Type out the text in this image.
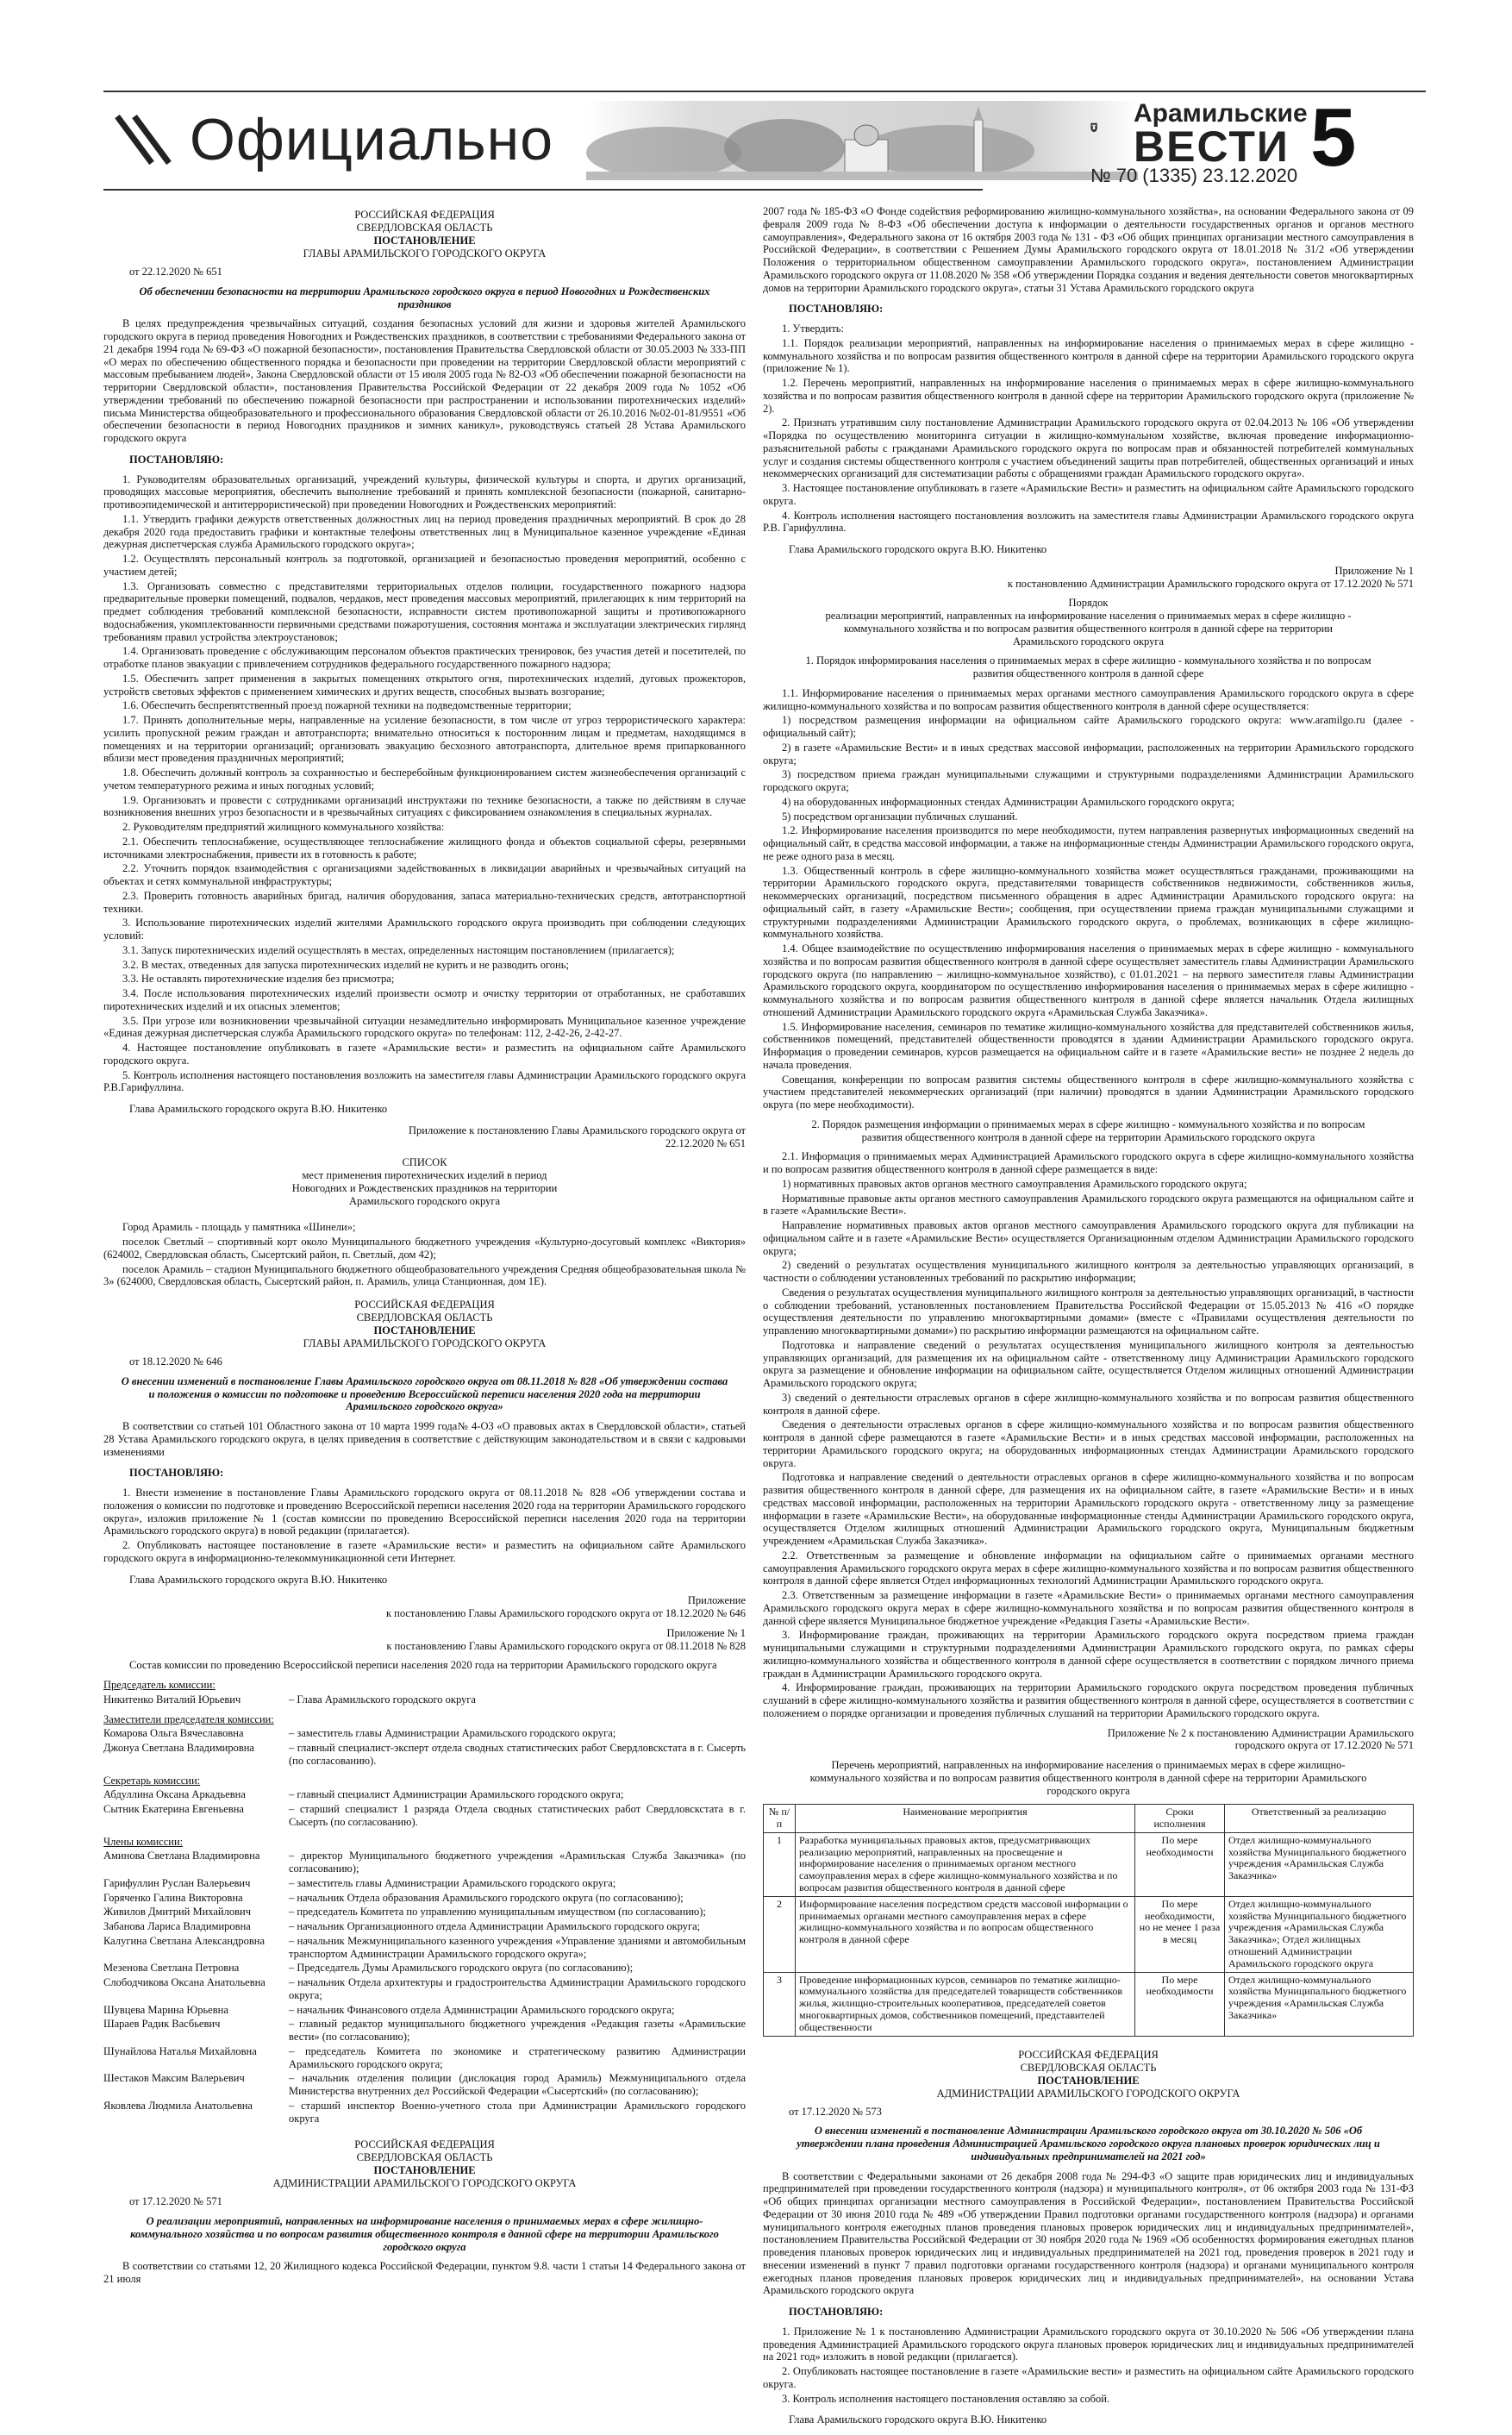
Официально	Арамильские
ВЕСТИ
№ 70 (1335) 23.12.2020 5
РОССИЙСКАЯ ФЕДЕРАЦИЯ
СВЕРДЛОВСКАЯ ОБЛАСТЬ
ПОСТАНОВЛЕНИЕ
ГЛАВЫ АРАМИЛЬСКОГО ГОРОДСКОГО ОКРУГА
от 22.12.2020 № 651
Об обеспечении безопасности на территории Арамильского городского округа в период Новогодних и Рождественских праздников

В целях предупреждения чрезвычайных ситуаций, создания безопасных условий для жизни и здоровья жителей Арамильского городского округа в период проведения Новогодних и Рождественских праздников, в соответствии с требованиями Федерального закона от 21 декабря 1994 года № 69-ФЗ «О пожарной безопасности», постановления Правительства Свердловской области от 30.05.2003 № 333-ПП «О мерах по обеспечению общественного порядка и безопасности при проведении на территории Свердловской области мероприятий с массовым пребыванием людей», Закона Свердловской области от 15 июля 2005 года № 82-ОЗ «Об обеспечении пожарной безопасности на территории Свердловской области», постановления Правительства Российской Федерации от 22 декабря 2009 года № 1052 «Об утверждении требований по обеспечению пожарной безопасности при распространении и использовании пиротехнических изделий» письма Министерства общеобразовательного и профессионального образования Свердловской области от 26.10.2016 №02-01-81/9551 «Об обеспечении безопасности в период Новогодних праздников и зимних каникул», руководствуясь статьей 28 Устава Арамильского городского округа

ПОСТАНОВЛЯЮ:

1. Руководителям образовательных организаций, учреждений культуры, физической культуры и спорта, и других организаций, проводящих массовые мероприятия, обеспечить выполнение требований и принять комплексной безопасности (пожарной, санитарно-противоэпидемической и антитеррористической) при проведении Новогодних и Рождественских мероприятий:

1.1. Утвердить графики дежурств ответственных должностных лиц на период проведения праздничных мероприятий. В срок до 28 декабря 2020 года предоставить графики и контактные телефоны ответственных лиц в Муниципальное казенное учреждение «Единая дежурная диспетчерская служба Арамильского городского округа»;

1.2. Осуществлять персональный контроль за подготовкой, организацией и безопасностью проведения мероприятий, особенно с участием детей;

1.3. Организовать совместно с представителями территориальных отделов полиции, государственного пожарного надзора предварительные проверки помещений, подвалов, чердаков, мест проведения массовых мероприятий, прилегающих к ним территорий на предмет соблюдения требований комплексной безопасности, исправности систем противопожарной защиты и противопожарного водоснабжения, укомплектованности первичными средствами пожаротушения, состояния монтажа и эксплуатации электрических гирлянд требованиям правил устройства электроустановок;

1.4. Организовать проведение с обслуживающим персоналом объектов практических тренировок, без участия детей и посетителей, по отработке планов эвакуации с привлечением сотрудников федерального государственного пожарного надзора;

1.5. Обеспечить запрет применения в закрытых помещениях открытого огня, пиротехнических изделий, дуговых прожекторов, устройств световых эффектов с применением химических и других веществ, способных вызвать возгорание;

1.6. Обеспечить беспрепятственный проезд пожарной техники на подведомственные территории;

1.7. Принять дополнительные меры, направленные на усиление безопасности, в том числе от угроз террористического характера: усилить пропускной режим граждан и автотранспорта; внимательно относиться к посторонним лицам и предметам, находящимся в помещениях и на территории организаций; организовать эвакуацию бесхозного автотранспорта, длительное время припаркованного вблизи мест проведения праздничных мероприятий;

1.8. Обеспечить должный контроль за сохранностью и бесперебойным функционированием систем жизнеобеспечения организаций с учетом температурного режима и иных погодных условий;

1.9. Организовать и провести с сотрудниками организаций инструктажи по технике безопасности, а также по действиям в случае возникновения внешних угроз безопасности и в чрезвычайных ситуациях с фиксированием ознакомления в специальных журналах.

2. Руководителям предприятий жилищного коммунального хозяйства:

2.1. Обеспечить теплоснабжение, осуществляющее теплоснабжение жилищного фонда и объектов социальной сферы, резервными источниками электроснабжения, привести их в готовность к работе;

2.2. Уточнить порядок взаимодействия с организациями задействованных в ликвидации аварийных и чрезвычайных ситуаций на объектах и сетях коммунальной инфраструктуры;

2.3. Проверить готовность аварийных бригад, наличия оборудования, запаса материально-технических средств, автотранспортной техники.

3. Использование пиротехнических изделий жителями Арамильского городского округа производить при соблюдении следующих условий:

3.1. Запуск пиротехнических изделий осуществлять в местах, определенных настоящим постановлением (прилагается);

3.2. В местах, отведенных для запуска пиротехнических изделий не курить и не разводить огонь;

3.3. Не оставлять пиротехнические изделия без присмотра;

3.4. После использования пиротехнических изделий произвести осмотр и очистку территории от отработанных, не сработавших пиротехнических изделий и их опасных элементов;

3.5. При угрозе или возникновении чрезвычайной ситуации незамедлительно информировать Муниципальное казенное учреждение «Единая дежурная диспетчерская служба Арамильского городского округа» по телефонам: 112, 2-42-26, 2-42-27.

4. Настоящее постановление опубликовать в газете «Арамильские вести» и разместить на официальном сайте Арамильского городского округа.

5. Контроль исполнения настоящего постановления возложить на заместителя главы Администрации Арамильского городского округа Р.В.Гарифуллина.

Глава Арамильского городского округа В.Ю. Никитенко
Приложение к постановлению Главы Арамильского городского округа от 22.12.2020 № 651
СПИСОК
мест применения пиротехнических изделий в период
Новогодних и Рождественских праздников на территории
Арамильского городского округа

Город Арамиль - площадь у памятника «Шинели»;

поселок Светлый – спортивный корт около Муниципального бюджетного учреждения «Культурно-досуговый комплекс «Виктория» (624002, Свердловская область, Сысертский район, п. Светлый, дом 42);

поселок Арамиль – стадион Муниципального бюджетного общеобразовательного учреждения Средняя общеобразовательная школа № 3» (624000, Свердловская область, Сысертский район, п. Арамиль, улица Станционная, дом 1Е).

РОССИЙСКАЯ ФЕДЕРАЦИЯ
СВЕРДЛОВСКАЯ ОБЛАСТЬ
ПОСТАНОВЛЕНИЕ
ГЛАВЫ АРАМИЛЬСКОГО ГОРОДСКОГО ОКРУГА
от 18.12.2020 № 646
О внесении изменений в постановление Главы Арамильского городского округа от 08.11.2018 № 828 «Об утверждении состава и положения о комиссии по подготовке и проведению Всероссийской переписи населения 2020 года на территории Арамильского городского округа»

В соответствии со статьей 101 Областного закона от 10 марта 1999 года№ 4-ОЗ «О правовых актах в Свердловской области», статьей 28 Устава Арамильского городского округа, в целях приведения в соответствие с действующим законодательством и в связи с кадровыми изменениями

ПОСТАНОВЛЯЮ:

1. Внести изменение в постановление Главы Арамильского городского округа от 08.11.2018 № 828 «Об утверждении состава и положения о комиссии по подготовке и проведению Всероссийской переписи населения 2020 года на территории Арамильского городского округа», изложив приложение № 1 (состав комиссии по проведению Всероссийской переписи населения 2020 года на территории Арамильского городского округа) в новой редакции (прилагается).

2. Опубликовать настоящее постановление в газете «Арамильские вести» и разместить на официальном сайте Арамильского городского округа в информационно-телекоммуникационной сети Интернет.

Глава Арамильского городского округа В.Ю. Никитенко
Приложение
к постановлению Главы Арамильского городского округа от 18.12.2020 № 646
Приложение № 1
к постановлению Главы Арамильского городского округа от 08.11.2018 № 828

Состав комиссии по проведению Всероссийской переписи населения 2020 года на территории Арамильского городского округа

Председатель комиссии:
Никитенко Виталий Юрьевич	– Глава Арамильского городского округа
Заместители председателя комиссии:
Комарова Ольга Вячеславовна	– заместитель главы Администрации Арамильского городского округа;
Джонуа Светлана Владимировна	– главный специалист-эксперт отдела сводных статистических работ Свердловскстата в г. Сысерть (по согласованию).
Секретарь комиссии:
Абдуллина Оксана Аркадьевна	– главный специалист Администрации Арамильского городского округа;
Сытник Екатерина Евгеньевна	– старший специалист 1 разряда Отдела сводных статистических работ Свердловскстата в г. Сысерть (по согласованию).
Члены комиссии:
Аминова Светлана Владимировна	– директор Муниципального бюджетного учреждения «Арамильская Служба Заказчика» (по согласованию);
Гарифуллин Руслан Валерьевич	– заместитель главы Администрации Арамильского городского округа;
Горяченко Галина Викторовна	– начальник Отдела образования Арамильского городского округа (по согласованию);
Живилов Дмитрий Михайлович	– председатель Комитета по управлению муниципальным имуществом (по согласованию);
Забанова Лариса Владимировна	– начальник Организационного отдела Администрации Арамильского городского округа;
Калугина Светлана Александровна	– начальник Межмуниципального казенного учреждения «Управление зданиями и автомобильным транспортом Администрации Арамильского городского округа»;
Мезенова Светлана Петровна	– Председатель Думы Арамильского городского округа (по согласованию);
Слободчикова Оксана Анатольевна	– начальник Отдела архитектуры и градостроительства Администрации Арамильского городского округа;
Шувцева Марина Юрьевна	– начальник Финансового отдела Администрации Арамильского городского округа;
Шараев Радик Васбьевич	– главный редактор муниципального бюджетного учреждения «Редакция газеты «Арамильские вести» (по согласованию);
Шунайлова Наталья Михайловна	– председатель Комитета по экономике и стратегическому развитию Администрации Арамильского городского округа;
Шестаков Максим Валерьевич	– начальник отделения полиции (дислокация город Арамиль) Межмуниципального отдела Министерства внутренних дел Российской Федерации «Сысертский» (по согласованию);
Яковлева Людмила Анатольевна	– старший инспектор Военно-учетного стола при Администрации Арамильского городского округа
РОССИЙСКАЯ ФЕДЕРАЦИЯ
СВЕРДЛОВСКАЯ ОБЛАСТЬ
ПОСТАНОВЛЕНИЕ
АДМИНИСТРАЦИИ АРАМИЛЬСКОГО ГОРОДСКОГО ОКРУГА
от 17.12.2020 № 571
О реализации мероприятий, направленных на информирование населения о принимаемых мерах в сфере жилищно-коммунального хозяйства и по вопросам развития общественного контроля в данной сфере на территории Арамильского городского округа

В соответствии со статьями 12, 20 Жилищного кодекса Российской Федерации, пунктом 9.8. части 1 статьи 14 Федерального закона от 21 июля

2007 года № 185-ФЗ «О Фонде содействия реформированию жилищно-коммунального хозяйства», на основании Федерального закона от 09 февраля 2009 года № 8-ФЗ «Об обеспечении доступа к информации о деятельности государственных органов и органов местного самоуправления», Федерального закона от 16 октября 2003 года № 131 - ФЗ «Об общих принципах организации местного самоуправления в Российской Федерации», в соответствии с Решением Думы Арамильского городского округа от 18.01.2018 № 31/2 «Об утверждении Положения о территориальном общественном самоуправлении Арамильского городского округа», постановлением Администрации Арамильского городского округа от 11.08.2020 № 358 «Об утверждении Порядка создания и ведения деятельности советов многоквартирных домов на территории Арамильского городского округа», статьи 31 Устава Арамильского городского округа

ПОСТАНОВЛЯЮ:

1. Утвердить:

1.1. Порядок реализации мероприятий, направленных на информирование населения о принимаемых мерах в сфере жилищно - коммунального хозяйства и по вопросам развития общественного контроля в данной сфере на территории Арамильского городского округа (приложение № 1).

1.2. Перечень мероприятий, направленных на информирование населения о принимаемых мерах в сфере жилищно-коммунального хозяйства и по вопросам развития общественного контроля в данной сфере на территории Арамильского городского округа (приложение № 2).

2. Признать утратившим силу постановление Администрации Арамильского городского округа от 02.04.2013 № 106 «Об утверждении «Порядка по осуществлению мониторинга ситуации в жилищно-коммунальном хозяйстве, включая проведение информационно-разъяснительной работы с гражданами Арамильского городского округа по вопросам прав и обязанностей потребителей коммунальных услуг и создания системы общественного контроля с участием объединений защиты прав потребителей, общественных организаций и иных некоммерческих организаций для систематизации работы с обращениями граждан Арамильского городского округа».

3. Настоящее постановление опубликовать в газете «Арамильские Вести» и разместить на официальном сайте Арамильского городского округа.

4. Контроль исполнения настоящего постановления возложить на заместителя главы Администрации Арамильского городского округа Р.В. Гарифуллина.

Глава Арамильского городского округа В.Ю. Никитенко
Приложение № 1
к постановлению Администрации Арамильского городского округа от 17.12.2020 № 571
Порядок
реализации мероприятий, направленных на информирование населения о принимаемых мерах в сфере жилищно - коммунального хозяйства и по вопросам развития общественного контроля в данной сфере на территории Арамильского городского округа
1. Порядок информирования населения о принимаемых мерах в сфере жилищно - коммунального хозяйства и по вопросам развития общественного контроля в данной сфере

1.1. Информирование населения о принимаемых мерах органами местного самоуправления Арамильского городского округа в сфере жилищно-коммунального хозяйства и по вопросам развития общественного контроля в данной сфере осуществляется:

1) посредством размещения информации на официальном сайте Арамильского городского округа: www.aramilgo.ru (далее - официальный сайт);

2) в газете «Арамильские Вести» и в иных средствах массовой информации, расположенных на территории Арамильского городского округа;

3) посредством приема граждан муниципальными служащими и структурными подразделениями Администрации Арамильского городского округа;

4) на оборудованных информационных стендах Администрации Арамильского городского округа;

5) посредством организации публичных слушаний.

1.2. Информирование населения производится по мере необходимости, путем направления развернутых информационных сведений на официальный сайт, в средства массовой информации, а также на информационные стенды Администрации Арамильского городского округа, не реже одного раза в месяц.

1.3. Общественный контроль в сфере жилищно-коммунального хозяйства может осуществляться гражданами, проживающими на территории Арамильского городского округа, представителями товариществ собственников недвижимости, собственников жилья, некоммерческих организаций, посредством письменного обращения в адрес Администрации Арамильского городского округа: на официальный сайт, в газету «Арамильские Вести»; сообщения, при осуществлении приема граждан муниципальными служащими и структурными подразделениями Администрации Арамильского городского округа, о проблемах, возникающих в сфере жилищно-коммунального хозяйства.

1.4. Общее взаимодействие по осуществлению информирования населения о принимаемых мерах в сфере жилищно - коммунального хозяйства и по вопросам развития общественного контроля в данной сфере осуществляет заместитель главы Администрации Арамильского городского округа (по направлению – жилищно-коммунальное хозяйство), с 01.01.2021 – на первого заместителя главы Администрации Арамильского городского округа, координатором по осуществлению информирования населения о принимаемых мерах в сфере жилищно - коммунального хозяйства и по вопросам развития общественного контроля в данной сфере является начальник Отдела жилищных отношений Администрации Арамильского городского округа «Арамильская Служба Заказчика».

1.5. Информирование населения, семинаров по тематике жилищно-коммунального хозяйства для представителей собственников жилья, собственников помещений, представителей общественности проводятся в здании Администрации Арамильского городского округа. Информация о проведении семинаров, курсов размещается на официальном сайте и в газете «Арамильские вести» не позднее 2 недель до начала проведения.

Совещания, конференции по вопросам развития системы общественного контроля в сфере жилищно-коммунального хозяйства с участием представителей некоммерческих организаций (при наличии) проводятся в здании Администрации Арамильского городского округа (по мере необходимости).

2. Порядок размещения информации о принимаемых мерах в сфере жилищно - коммунального хозяйства и по вопросам развития общественного контроля в данной сфере на территории Арамильского городского округа

2.1. Информация о принимаемых мерах Администрацией Арамильского городского округа в сфере жилищно-коммунального хозяйства и по вопросам развития общественного контроля в данной сфере размещается в виде:

1) нормативных правовых актов органов местного самоуправления Арамильского городского округа;

Нормативные правовые акты органов местного самоуправления Арамильского городского округа размещаются на официальном сайте и в газете «Арамильские Вести».

Направление нормативных правовых актов органов местного самоуправления Арамильского городского округа для публикации на официальном сайте и в газете «Арамильские Вести» осуществляется Организационным отделом Администрации Арамильского городского округа;

2) сведений о результатах осуществления муниципального жилищного контроля за деятельностью управляющих организаций, в частности о соблюдении установленных требований по раскрытию информации;

Сведения о результатах осуществления муниципального жилищного контроля за деятельностью управляющих организаций, в частности о соблюдении требований, установленных постановлением Правительства Российской Федерации от 15.05.2013 № 416 «О порядке осуществления деятельности по управлению многоквартирными домами» (вместе с «Правилами осуществления деятельности по управлению многоквартирными домами») по раскрытию информации размещаются на официальном сайте.

Подготовка и направление сведений о результатах осуществления муниципального жилищного контроля за деятельностью управляющих организаций, для размещения их на официальном сайте - ответственному лицу Администрации Арамильского городского округа за размещение и обновление информации на официальном сайте, осуществляется Отделом жилищных отношений Администрации Арамильского городского округа;

3) сведений о деятельности отраслевых органов в сфере жилищно-коммунального хозяйства и по вопросам развития общественного контроля в данной сфере.

Сведения о деятельности отраслевых органов в сфере жилищно-коммунального хозяйства и по вопросам развития общественного контроля в данной сфере размещаются в газете «Арамильские Вести» и в иных средствах массовой информации, расположенных на территории Арамильского городского округа; на оборудованных информационных стендах Администрации Арамильского городского округа.

Подготовка и направление сведений о деятельности отраслевых органов в сфере жилищно-коммунального хозяйства и по вопросам развития общественного контроля в данной сфере, для размещения их на официальном сайте, в газете «Арамильские Вести» и в иных средствах массовой информации, расположенных на территории Арамильского городского округа - ответственному лицу за размещение информации в газете «Арамильские Вести», на оборудованные информационные стенды Администрации Арамильского городского округа, осуществляется Отделом жилищных отношений Администрации Арамильского городского округа, Муниципальным бюджетным учреждением «Арамильская Служба Заказчика».

2.2. Ответственным за размещение и обновление информации на официальном сайте о принимаемых органами местного самоуправления Арамильского городского округа мерах в сфере жилищно-коммунального хозяйства и по вопросам развития общественного контроля в данной сфере является Отдел информационных технологий Администрации Арамильского городского округа.

2.3. Ответственным за размещение информации в газете «Арамильские Вести» о принимаемых органами местного самоуправления Арамильского городского округа мерах в сфере жилищно-коммунального хозяйства и по вопросам развития общественного контроля в данной сфере является Муниципальное бюджетное учреждение «Редакция Газеты «Арамильские Вести».

3. Информирование граждан, проживающих на территории Арамильского городского округа посредством приема граждан муниципальными служащими и структурными подразделениями Администрации Арамильского городского округа, по рамках сферы жилищно-коммунального хозяйства и общественного контроля в данной сфере осуществляется в соответствии с порядком личного приема граждан в Администрации Арамильского городского округа.

4. Информирование граждан, проживающих на территории Арамильского городского округа посредством проведения публичных слушаний в сфере жилищно-коммунального хозяйства и развития общественного контроля в данной сфере, осуществляется в соответствии с положением о порядке организации и проведения публичных слушаний на территории Арамильского городского округа.

Приложение № 2 к постановлению Администрации Арамильского городского округа от 17.12.2020 № 571
Перечень мероприятий, направленных на информирование населения о принимаемых мерах в сфере жилищно-коммунального хозяйства и по вопросам развития общественного контроля в данной сфере на территории Арамильского городского округа
№ п/п	Наименование мероприятия	Сроки исполнения	Ответственный за реализацию
1	Разработка муниципальных правовых актов, предусматривающих реализацию мероприятий, направленных на просвещение и информирование населения о принимаемых органом местного самоуправления мерах в сфере жилищно-коммунального хозяйства и по вопросам развития общественного контроля в данной сфере	По мере необходимости	Отдел жилищно-коммунального хозяйства Муниципального бюджетного учреждения «Арамильская Служба Заказчика»
2	Информирование населения посредством средств массовой информации о принимаемых органами местного самоуправления мерах в сфере жилищно-коммунального хозяйства и по вопросам общественного контроля в данной сфере	По мере необходимости, но не менее 1 раза в месяц	Отдел жилищно-коммунального хозяйства Муниципального бюджетного учреждения «Арамильская Служба Заказчика»; Отдел жилищных отношений Администрации Арамильского городского округа
3	Проведение информационных курсов, семинаров по тематике жилищно-коммунального хозяйства для председателей товариществ собственников жилья, жилищно-строительных кооперативов, председателей советов многоквартирных домов, собственников помещений, представителей общественности	По мере необходимости	Отдел жилищно-коммунального хозяйства Муниципального бюджетного учреждения «Арамильская Служба Заказчика»
РОССИЙСКАЯ ФЕДЕРАЦИЯ
СВЕРДЛОВСКАЯ ОБЛАСТЬ
ПОСТАНОВЛЕНИЕ
АДМИНИСТРАЦИИ АРАМИЛЬСКОГО ГОРОДСКОГО ОКРУГА
от 17.12.2020 № 573
О внесении изменений в постановление Администрации Арамильского городского округа от 30.10.2020 № 506 «Об утверждении плана проведения Администрацией Арамильского городского округа плановых проверок юридических лиц и индивидуальных предпринимателей на 2021 год»

В соответствии с Федеральными законами от 26 декабря 2008 года № 294-ФЗ «О защите прав юридических лиц и индивидуальных предпринимателей при проведении государственного контроля (надзора) и муниципального контроля», от 06 октября 2003 года № 131-ФЗ «Об общих принципах организации местного самоуправления в Российской Федерации», постановлением Правительства Российской Федерации от 30 июня 2010 года № 489 «Об утверждении Правил подготовки органами государственного контроля (надзора) и органами муниципального контроля ежегодных планов проведения плановых проверок юридических лиц и индивидуальных предпринимателей», постановлением Правительства Российской Федерации от 30 ноября 2020 года № 1969 «Об особенностях формирования ежегодных планов проведения плановых проверок юридических лиц и индивидуальных предпринимателей на 2021 год, проведения проверок в 2021 году и внесении изменений в пункт 7 правил подготовки органами государственного контроля (надзора) и органами муниципального контроля ежегодных планов проведения плановых проверок юридических лиц и индивидуальных предпринимателей», на основании Устава Арамильского городского округа

ПОСТАНОВЛЯЮ:

1. Приложение № 1 к постановлению Администрации Арамильского городского округа от 30.10.2020 № 506 «Об утверждении плана проведения Администрацией Арамильского городского округа плановых проверок юридических лиц и индивидуальных предпринимателей на 2021 год» изложить в новой редакции (прилагается).

2. Опубликовать настоящее постановление в газете «Арамильские вести» и разместить на официальном сайте Арамильского городского округа.

3. Контроль исполнения настоящего постановления оставляю за собой.

Глава Арамильского городского округа В.Ю. Никитенко
